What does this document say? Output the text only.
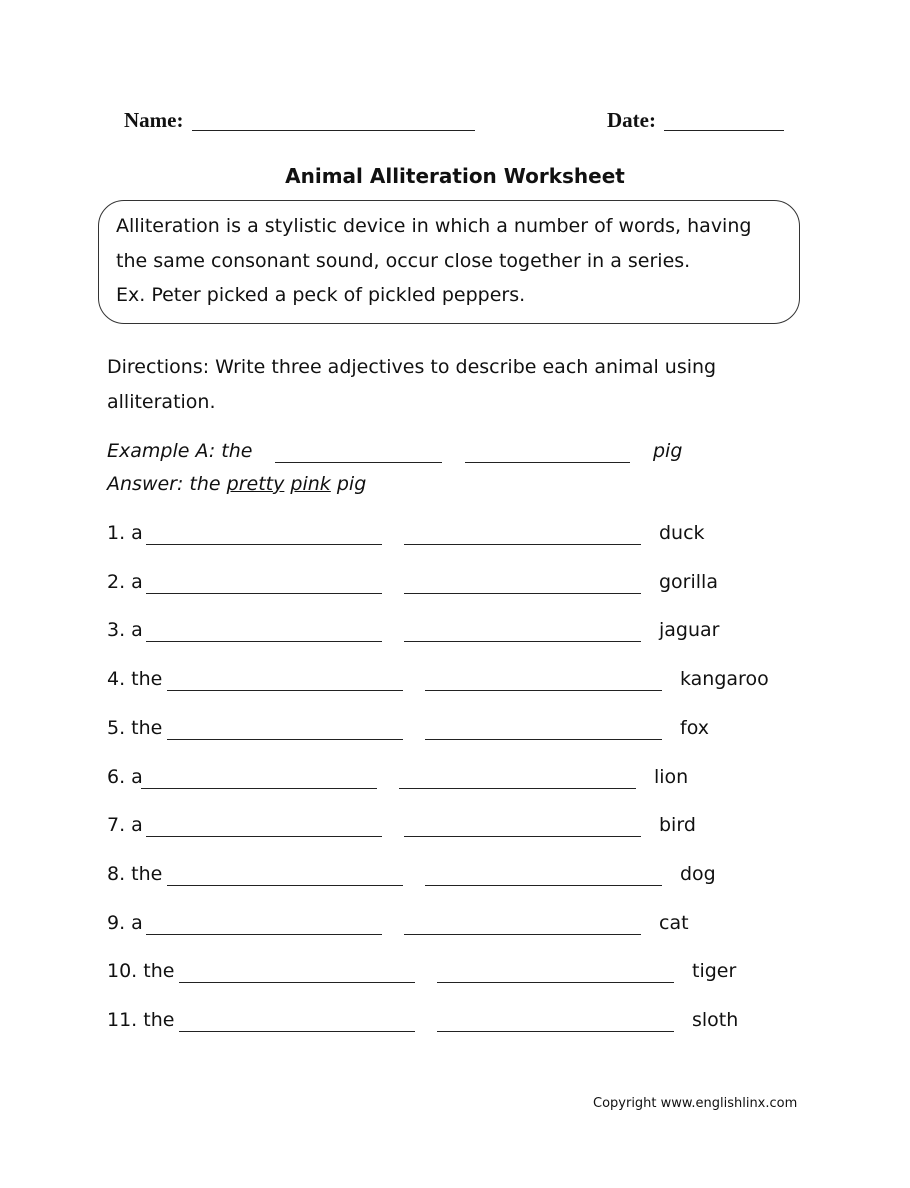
Name:	Date:
Animal Alliteration Worksheet
Alliteration is a stylistic device in which a number of words, having
the same consonant sound, occur close together in a series.
Ex. Peter picked a peck of pickled peppers.
Directions: Write three adjectives to describe each animal using
alliteration.
Example A: the	pig
Answer: the pretty pink pig
1. a	duck
2. a	gorilla
3. a	jaguar
4. the	kangaroo
5. the	fox
6. a	lion
7. a	bird
8. the	dog
9. a	cat
10. the	tiger
11. the	sloth
Copyright www.englishlinx.com
